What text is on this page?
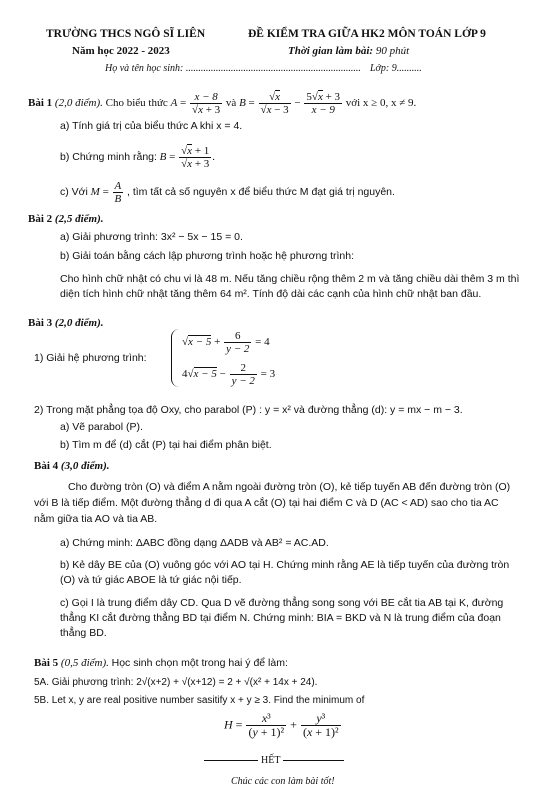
TRƯỜNG THCS NGÔ SĨ LIÊN	ĐỀ KIỂM TRA GIỮA HK2 MÔN TOÁN LỚP 9
Năm học 2022 - 2023	Thời gian làm bài: 90 phút
Họ và tên học sinh: ...................................................................... Lớp: 9..........
Bài 1 (2,0 điểm). Cho biểu thức $A = \frac{x - 8}{√x + 3}$ và $B = \frac{√x}{√x - 3} - \frac{5√x + 3}{x - 9}$ với x ≥ 0, x ≠ 9.
a) Tính giá trị của biểu thức A khi x = 4.
b) Chứng minh rằng: $B = \frac{√x + 1}{√x + 3}$ .
c) Với $M = \frac{A}{B}$ , tìm tất cả số nguyên x để biểu thức M đạt giá trị nguyên.
Bài 2 (2,5 điểm).
a) Giải phương trình: 3x² − 5x − 15 = 0.
b) Giải toán bằng cách lập phương trình hoặc hệ phương trình:
Cho hình chữ nhật có chu vi là 48 m. Nếu tăng chiều rộng thêm 2 m và tăng chiều dài thêm 3 m thì diện tích hình chữ nhật tăng thêm 64 m². Tính độ dài các cạnh của hình chữ nhật ban đầu.
Bài 3 (2,0 điểm).
1) Giải hệ phương trình:
$√x - 5 + \frac{6}{y - 2} = 4$
$4√x - 5 - \frac{2}{y - 2} = 3$
2) Trong mặt phẳng tọa độ Oxy, cho parabol (P) : y = x² và đường thẳng (d): y = mx − m − 3.
a) Vẽ parabol (P).
b) Tìm m để (d) cắt (P) tại hai điểm phân biệt.
Bài 4 (3,0 điểm).
Cho đường tròn (O) và điểm A nằm ngoài đường tròn (O), kẻ tiếp tuyến AB đến đường tròn (O) với B là tiếp điểm. Một đường thẳng d đi qua A cắt (O) tại hai điểm C và D (AC < AD) sao cho tia AC nằm giữa tia AO và tia AB.
a) Chứng minh: ΔABC đồng dạng ΔADB và AB² = AC.AD.
b) Kẻ dây BE của (O) vuông góc với AO tại H. Chứng minh rằng AE là tiếp tuyến của đường tròn (O) và tứ giác ABOE là tứ giác nội tiếp.
c) Gọi I là trung điểm dây CD. Qua D vẽ đường thẳng song song với BE cắt tia AB tại K, đường thẳng KI cắt đường thẳng BD tại điểm N. Chứng minh: BIA = BKD và N là trung điểm của đoạn thẳng BD.
Bài 5 (0,5 điểm). Học sinh chọn một trong hai ý để làm:
5A. Giải phương trình: 2√(x+2) + √(x+12) = 2 + √(x² + 14x + 24).
5B. Let x, y are real positive number sasitify x + y ≥ 3. Find the minimum of
$H = \frac{\text{x³}}{\text{(y + 1)²}} + \frac{\text{y³}}{\text{(x + 1)²}}$
HẾT
Chúc các con làm bài tốt!
